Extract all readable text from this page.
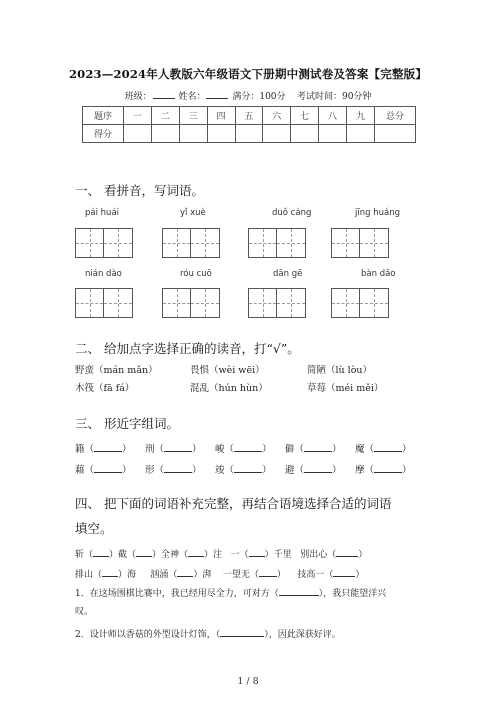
2023—2024年人教版六年级语文下册期中测试卷及答案【完整版】
班级：	姓名：	满分：100分 考试时间：90分钟
题序	一	二	三	四	五	六	七	八	九	总分
得分										
一、 看拼音，写词语。
pái huái	yǐ xuè	duǒ cáng	jīng huáng
nián dào	róu cuō	dān gē	bàn dǎo
二、 给加点字选择正确的读音，打“√”。
野蛮（mán mǎn）	畏惧（wèi wēi）	简陋（lù lòu）
木筏（fā fá）	混乱（hún hùn）	草莓（méi měi）
三、 形近字组词。
籍（	） 刑（	） 峻（	） 僻（	） 魔（	）
藉（	） 形（	） 竣（	） 避（	） 摩（	）
四、 把下面的词语补充完整，再结合语境选择合适的词语
填空。
斩（ ）截（ ）全神（ ）注 一（ ）千里 别出心（ ）
排山（ ）海 汹涌（ ）湃 一望无（ ） 技高一（ ）
1．在这场围棋比赛中，我已经用尽全力，可对方（	），我只能望洋兴
叹。
2．设计师以香菇的外型设计灯饰，（	），因此深获好评。
1 / 8
